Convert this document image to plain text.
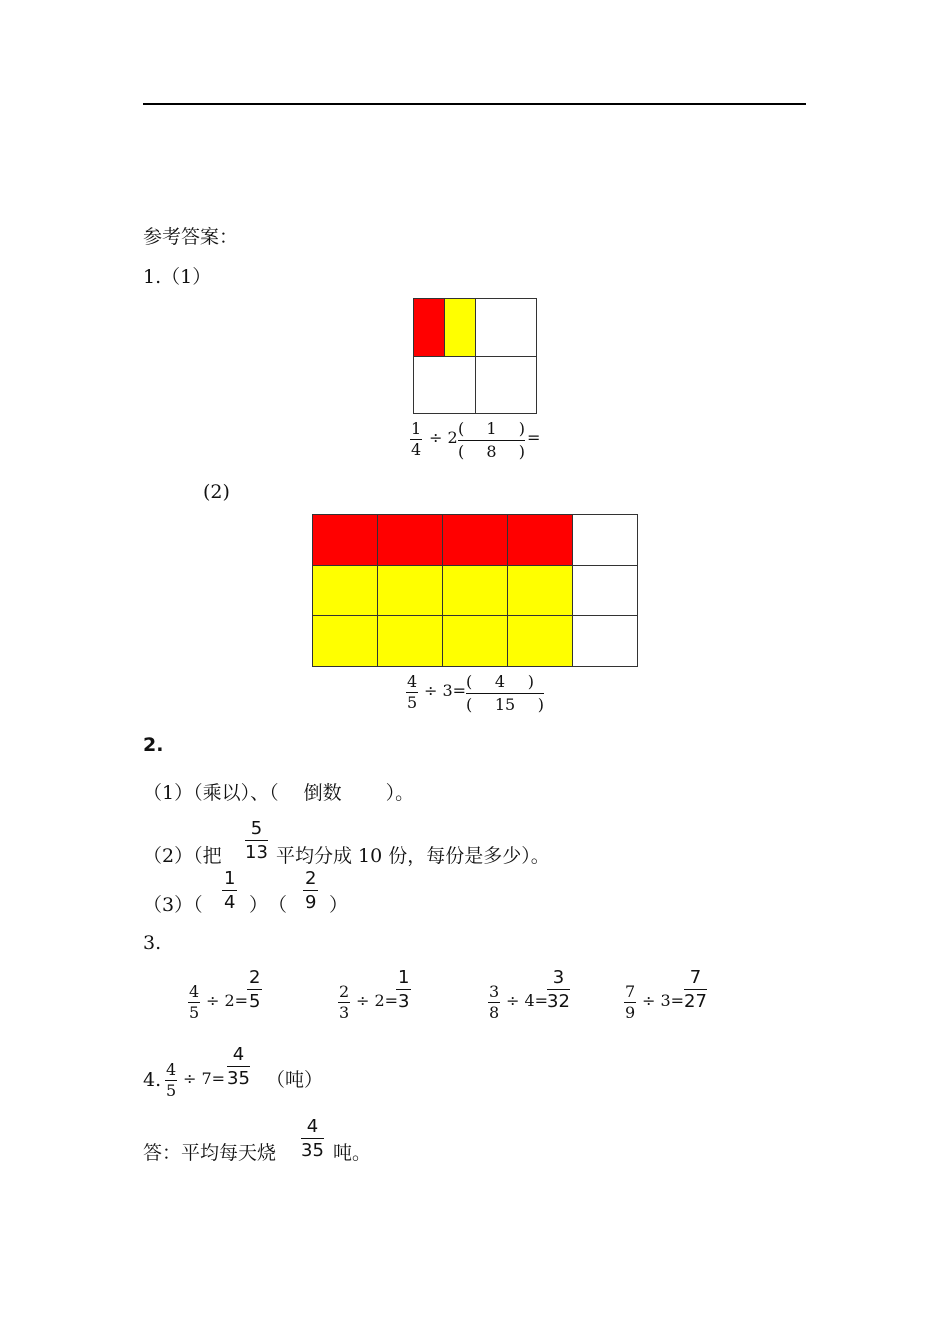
参考答案：
1.（1）
$\frac{1}{4} \div 2 \frac{( 1 )}{( 8 )}$ =
(2)
$\frac{4}{5} \div 3= \frac{( 4 )}{( 15 )}$
2.
（1）（乘以）、（　 倒数　　 ）。
（2）（把 $\frac{5}{13}$ 平均分成 10 份，每份是多少）。
$(3)( \frac{1}{4}$ ）　（ $\frac{2}{9}$ ）
3.
$\frac{4}{5} \div 2=$
$\frac{2}{5}$	$\frac{2}{3} \div 2=$
$\frac{1}{3}$	$\frac{3}{8} \div 4=$
$\frac{3}{32}$	$\frac{7}{9} \div 3= \frac{7}{27}$
4. $\frac{4}{5} \div 7= \frac{4}{35}$ （吨）
答：平均每天烧 $\frac{4}{35}$ 吨。
